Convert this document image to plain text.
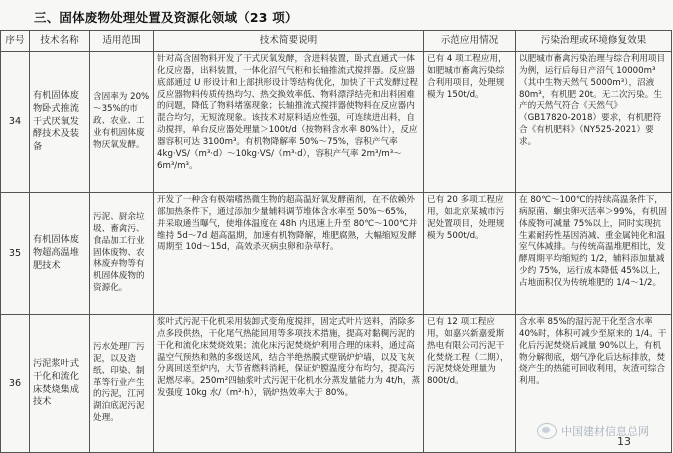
三、固体废物处理处置及资源化领域（23 项）
序号	技术名称	适用范围	技术简要说明	示范应用情况	污染治理或环境修复效果
34	有机固体废物卧式推流干式厌氧发酵技术及装备	含固率为 20%～35%的市政、农业、工业有机固体废物厌氧发酵。	针对高含固物料开发了干式厌氧发酵，含进料装置，卧式直通式一体化反应器，出料装置，一体化沼气气柜和长轴推流式搅拌器。反应器底部通过 U 形设计和上部拱形设计等结构优化，加快了干式发酵过程反应器物料传质传热均匀、热交换效率低、物料漂浮结壳和出料困难的问题，降低了物料堵塞现象；长轴推流式搅拌器使物料在反应器内混合均匀，无短流现象。该技术对原料适应性强，可连续进出料，自动搅拌，单台反应器处理量＞100t/d（按物料含水率 80%计），反应器容积可达 3100m³。有机物降解率 50%～75%，容积产气率 4kg·VS/（m³·d）～10kg·VS/（m³·d），容积产气率 2m³/m³～6m³/m³。	已有 4 项工程应用，如肥城市畜禽污染综合利用项目，处理规模为 150t/d。	以肥城市畜禽污染治理与综合利用项目为例，运行后每日产沼气 10000m³（其中生物天然气 5000m³），沼液 80m³，有机肥 20t。无二次污染。生产的天然气符合《天然气》（GB17820-2018）要求，有机肥符合《有机肥料》（NY525-2021）要求。
35	有机固体废物超高温堆肥技术	污泥、厨余垃圾、畜禽污、食品加工行业固体废物、农林废弃物等有机固体废物的资源化。	开发了一种含有极端嗜热微生物的超高温好氧发酵菌剂，在不依赖外部加热条件下，通过添加少量辅料调节堆体含水率至 50%～65%，并采取通当曝气，使堆体温度在 48h 内迅速上升至 80℃～100℃并维持 5d～7d 超高温期，加速有机物降解，堆肥腐熟，大幅缩短发酵周期至 10d～15d，高效杀灭病虫卵和杂草籽。	已有 20 多项工程应用，如北京某城市污泥处置项目，处理规模为 500t/d。	在 80℃～100℃的持续高温条件下，病原菌、蛔虫卵灭活率＞99%，有机固体废物可减量 75%以上，同时实现抗生素耐药性基因消减、重金属钝化和温室气体减排。与传统高温堆肥相比，发酵周期平均缩短约 1/2，辅料添加量减少约 75%，运行成本降低 45%以上，占地面积仅为传统堆肥的 1/4～1/2。
36	污泥浆叶式干化和流化床焚烧集成技术	污水处理厂污泥，以及造纸、印染、制革等行业产生的污泥，江河湖泊底泥污泥处理。	浆叶式污泥干化机采用装卸式变角度搅拌，固定式叶片送料，消除多点多段供热，干化尾气热能回用等多项技术措施，提高对黏稠污泥的干化和流化床焚烧效果；流化床污泥焚烧炉利用合理的床料，通过高温空气预热和熟的多级送风，结合半绝热膜式壁锅炉炉墙，以及飞灰分离回送至炉内，大节省燃料消耗，保证炉膛温度分布均匀，提高污泥燃尽率。250m²四轴浆叶式污泥干化机水分蒸发量能力为 4t/h，蒸发强度 10kg 水/（m²·h），锅炉热效率大于 80%。	已有 12 项工程应用，如嘉兴新嘉爱斯热电有限公司污泥干化焚烧工程（二期），污泥焚烧处理量为 800t/d。	含水率 85%的湿污泥干化至含水率 40%时，体积可减少至原来的 1/4。干化后污泥焚烧后减量 90%以上，有机物分解彻底，烟气净化后达标排放，焚烧产生的热能可回收利用，灰渣可综合利用。
中国建材信息总网
13
